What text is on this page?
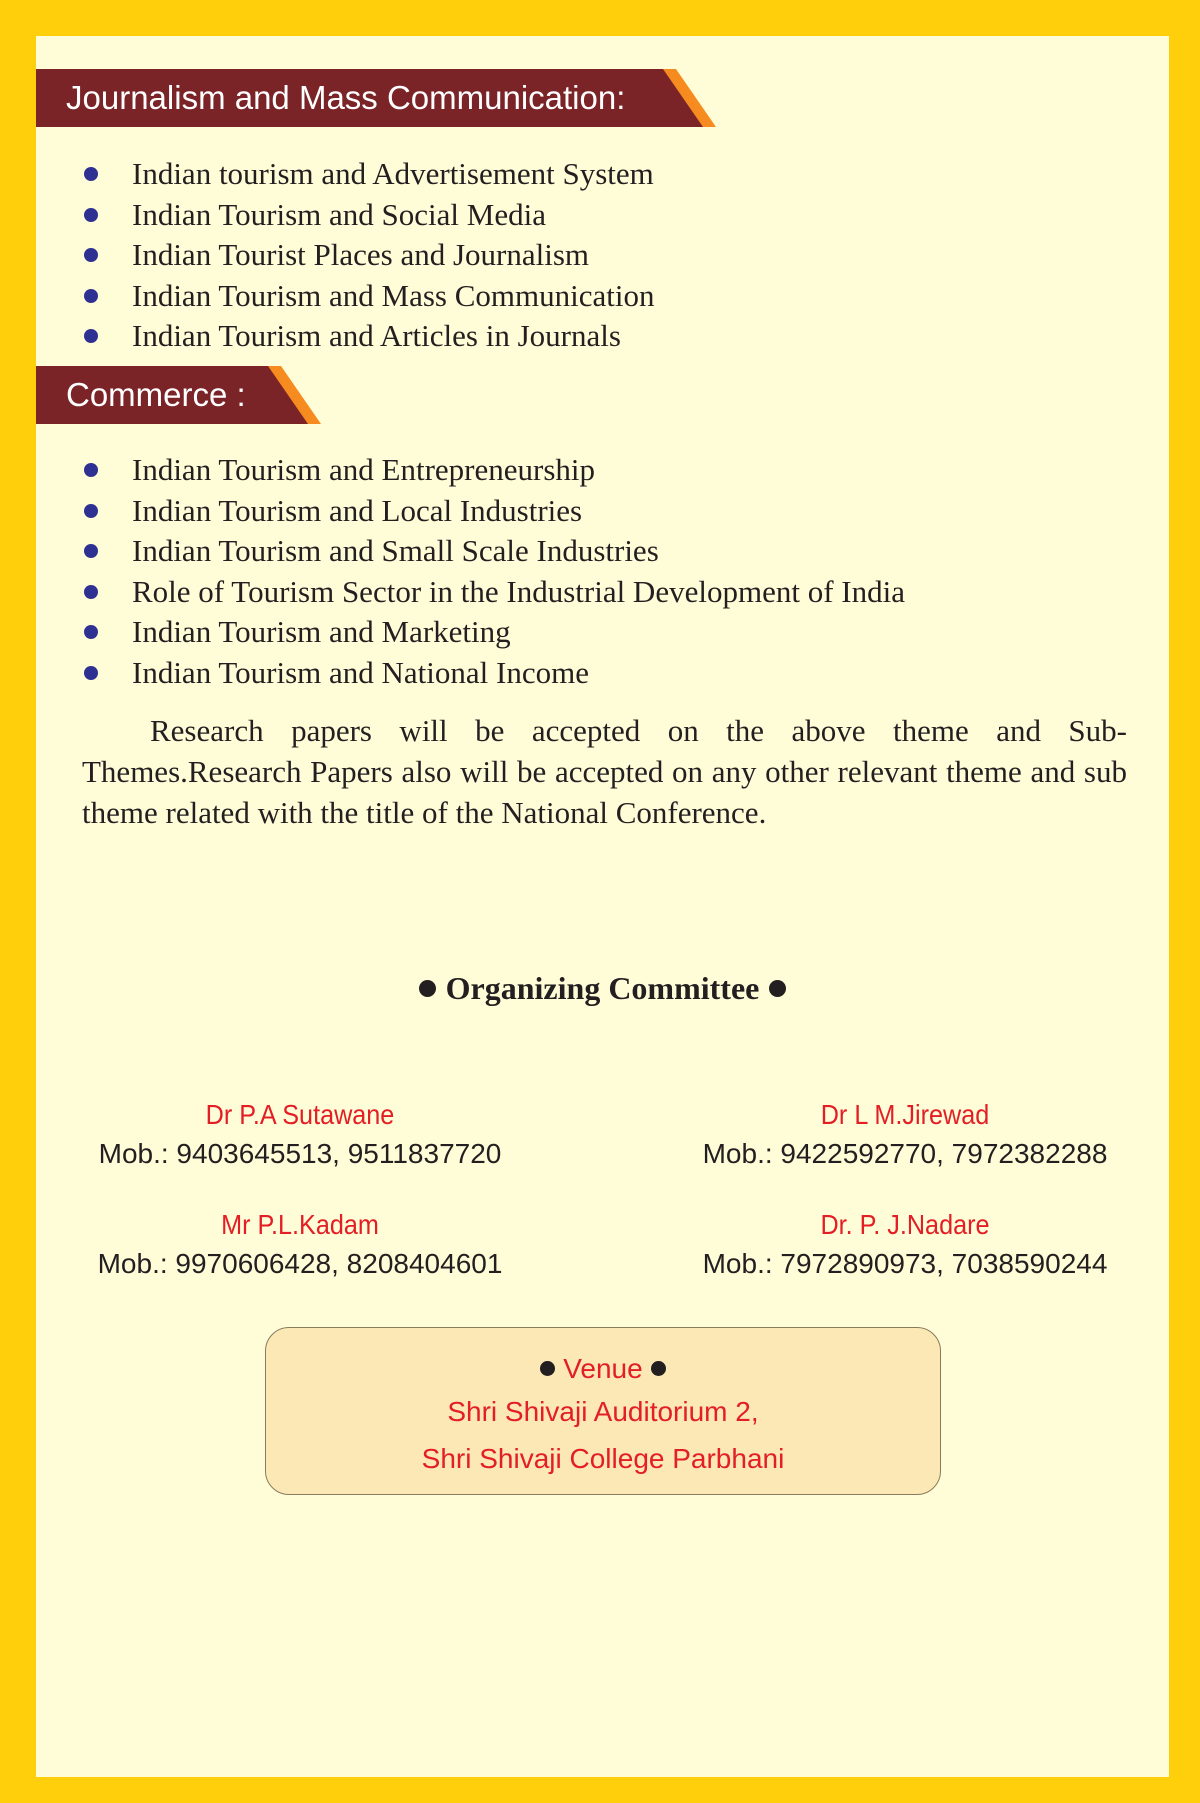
Journalism and Mass Communication:
Indian tourism and Advertisement System
Indian Tourism and Social Media
Indian Tourist Places and Journalism
Indian Tourism and Mass Communication
Indian Tourism and Articles in Journals
Commerce :
Indian Tourism and Entrepreneurship
Indian Tourism and Local Industries
Indian Tourism and Small Scale Industries
Role of Tourism Sector in the Industrial Development of India
Indian Tourism and Marketing
Indian Tourism and National Income
Research papers will be accepted on the above theme and Sub-Themes.Research Papers also will be accepted on any other relevant theme and sub theme related with the title of the National Conference.
Organizing Committee
Dr P.A Sutawane
Mob.: 9403645513, 9511837720
Dr L M.Jirewad
Mob.: 9422592770, 7972382288
Mr P.L.Kadam
Mob.: 9970606428, 8208404601
Dr. P. J.Nadare
Mob.: 7972890973, 7038590244
Venue
Shri Shivaji Auditorium 2,
Shri Shivaji College Parbhani
